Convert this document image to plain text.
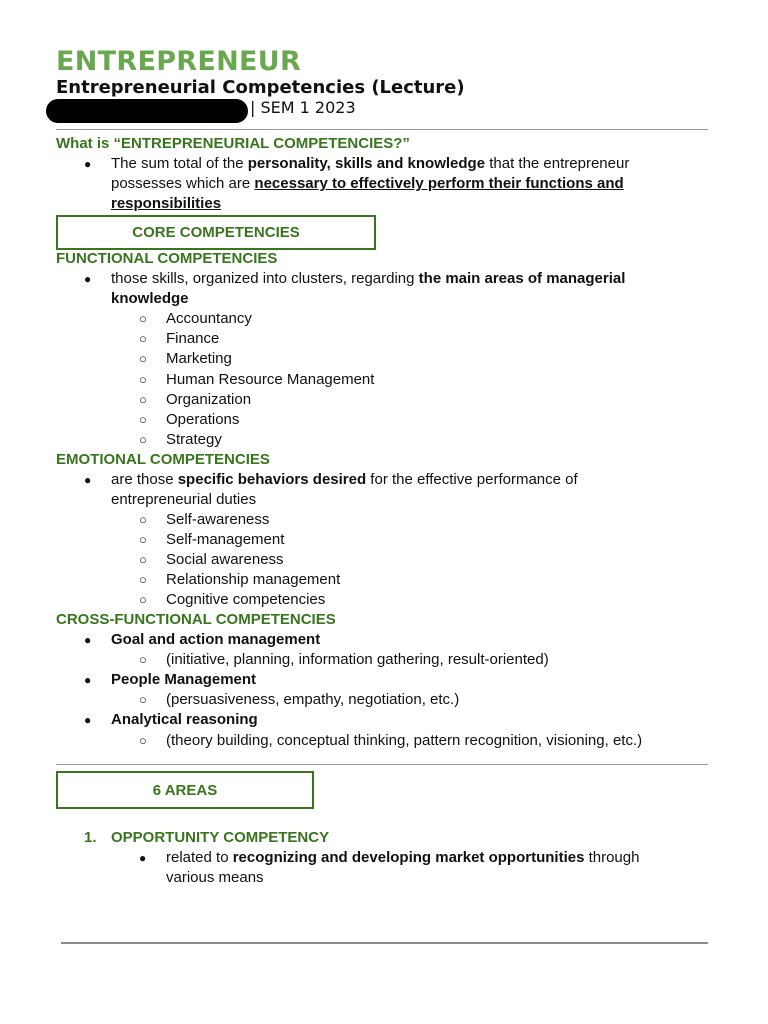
ENTREPRENEUR
Entrepreneurial Competencies (Lecture)
| SEM 1 2023
What is “ENTREPRENEURIAL COMPETENCIES?”
● The sum total of the personality, skills and knowledge that the entrepreneur
possesses which are necessary to effectively perform their functions and
responsibilities
CORE COMPETENCIES
FUNCTIONAL COMPETENCIES
● those skills, organized into clusters, regarding the main areas of managerial
knowledge
○ Accountancy
○ Finance
○ Marketing
○ Human Resource Management
○ Organization
○ Operations
○ Strategy
EMOTIONAL COMPETENCIES
● are those specific behaviors desired for the effective performance of
entrepreneurial duties
○ Self-awareness
○ Self-management
○ Social awareness
○ Relationship management
○ Cognitive competencies
CROSS-FUNCTIONAL COMPETENCIES
● Goal and action management
○ (initiative, planning, information gathering, result-oriented)
● People Management
○ (persuasiveness, empathy, negotiation, etc.)
● Analytical reasoning
○ (theory building, conceptual thinking, pattern recognition, visioning, etc.)
6 AREAS
1. OPPORTUNITY COMPETENCY
● related to recognizing and developing market opportunities through
various means
